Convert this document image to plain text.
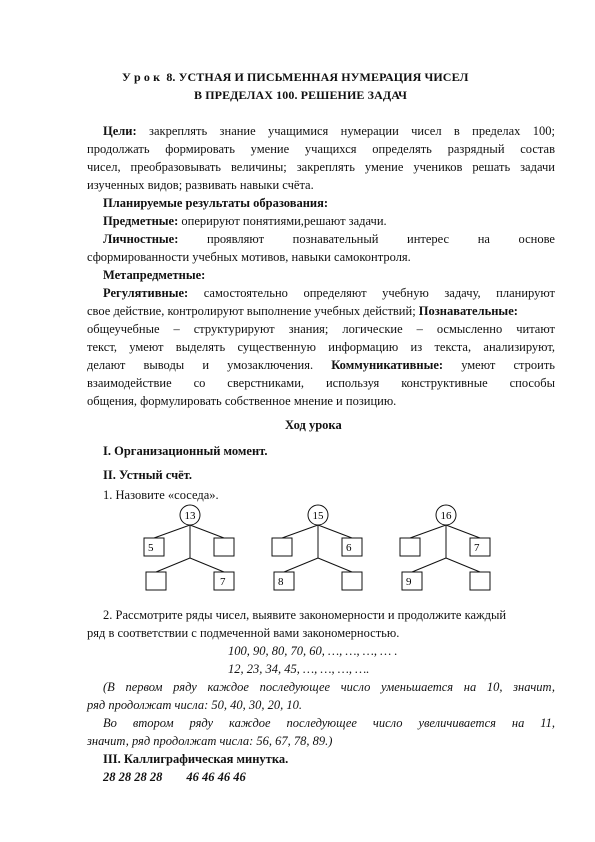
У р о к 8. УСТНАЯ И ПИСЬМЕННАЯ НУМЕРАЦИЯ ЧИСЕЛ
В ПРЕДЕЛАХ 100. РЕШЕНИЕ ЗАДАЧ
Цели: закреплять знание учащимися нумерации чисел в пределах 100;
продолжать формировать умение учащихся определять разрядный состав
чисел, преобразовывать величины; закреплять умение учеников решать задачи
изученных видов; развивать навыки счёта.
Планируемые результаты образования:
Предметные: оперируют понятиями,решают задачи.
Личностные: проявляют познавательный интерес на основе
сформированности учебных мотивов, навыки самоконтроля.
Метапредметные:
Регулятивные: самостоятельно определяют учебную задачу, планируют
свое действие, контролируют выполнение учебных действий; Познавательные:
общеучебные – структурируют знания; логические – осмысленно читают
текст, умеют выделять существенную информацию из текста, анализируют,
делают выводы и умозаключения. Коммуникативные: умеют строить
взаимодействие со сверстниками, используя конструктивные способы
общения, формулировать собственное мнение и позицию.
Ход урока
I. Организационный момент.
II. Устный счёт.
1. Назовите «соседа».
13
5
7
15
6
8
16
7
9
2. Рассмотрите ряды чисел, выявите закономерности и продолжите каждый
ряд в соответствии с подмеченной вами закономерностью.
100, 90, 80, 70, 60, …, …, …, … .
12, 23, 34, 45, …, …, …, ….
(В первом ряду каждое последующее число уменьшается на 10, значит,
ряд продолжат числа: 50, 40, 30, 20, 10.
Во втором ряду каждое последующее число увеличивается на 11,
значит, ряд продолжат числа: 56, 67, 78, 89.)
III. Каллиграфическая минутка.
28 28 28 28 46 46 46 46
